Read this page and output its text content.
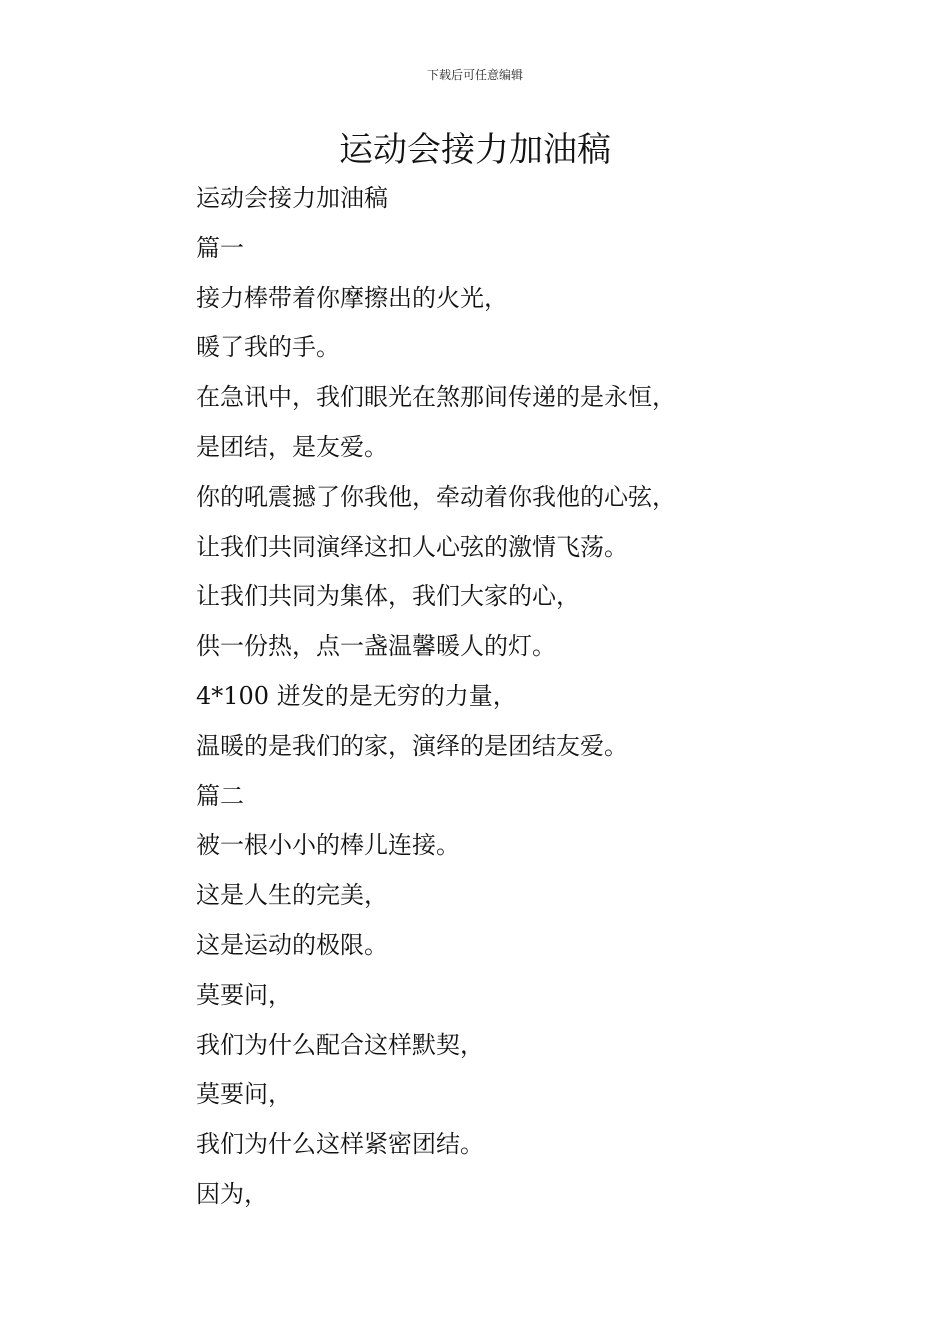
下载后可任意编辑
运动会接力加油稿
运动会接力加油稿
篇一
接力棒带着你摩擦出的火光，
暖了我的手。
在急讯中，我们眼光在煞那间传递的是永恒，
是团结，是友爱。
你的吼震撼了你我他，牵动着你我他的心弦，
让我们共同演绎这扣人心弦的激情飞荡。
让我们共同为集体，我们大家的心，
供一份热，点一盏温馨暖人的灯。
4*100 迸发的是无穷的力量，
温暖的是我们的家，演绎的是团结友爱。
篇二
被一根小小的棒儿连接。
这是人生的完美，
这是运动的极限。
莫要问，
我们为什么配合这样默契，
莫要问，
我们为什么这样紧密团结。
因为，
